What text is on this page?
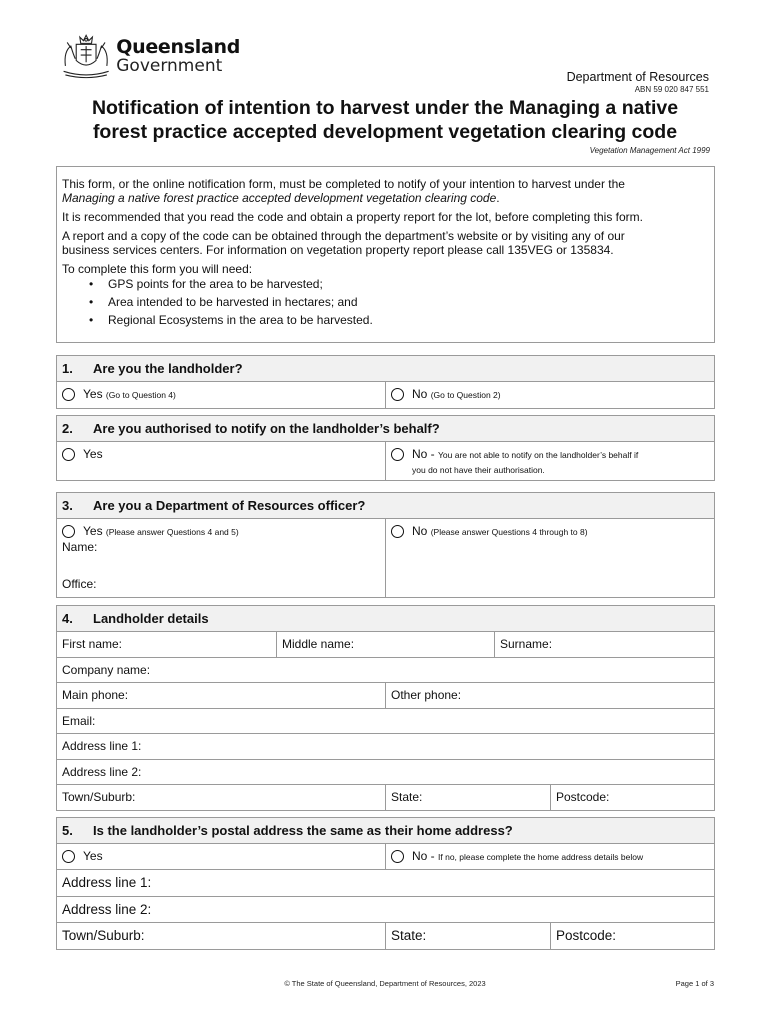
Queensland
Government
Department of Resources
ABN 59 020 847 551
Notification of intention to harvest under the Managing a native
forest practice accepted development vegetation clearing code
Vegetation Management Act 1999

This form, or the online notification form, must be completed to notify of your intention to harvest under the
Managing a native forest practice accepted development vegetation clearing code.

It is recommended that you read the code and obtain a property report for the lot, before completing this form.

A report and a copy of the code can be obtained through the department’s website or by visiting any of our
business services centers. For information on vegetation property report please call 135VEG or 135834.

To complete this form you will need:

• GPS points for the area to be harvested;
• Area intended to be harvested in hectares; and
• Regional Ecosystems in the area to be harvested.
1.	Are you the landholder?
Yes (Go to Question 4)	No (Go to Question 2)
2.	Are you authorised to notify on the landholder’s behalf?
Yes	No - You are not able to notify on the landholder’s behalf if
you do not have their authorisation.
3.	Are you a Department of Resources officer?
Yes (Please answer Questions 4 and 5)
Name:
Office:
No (Please answer Questions 4 through to 8)
4.	Landholder details
First name:	Middle name:	Surname:
Company name:
Main phone:	Other phone:
Email:
Address line 1:
Address line 2:
Town/Suburb:	State:	Postcode:
5.	Is the landholder’s postal address the same as their home address?
Yes	No - If no, please complete the home address details below
Address line 1:
Address line 2:
Town/Suburb:	State:	Postcode:
© The State of Queensland, Department of Resources, 2023	Page 1 of 3
